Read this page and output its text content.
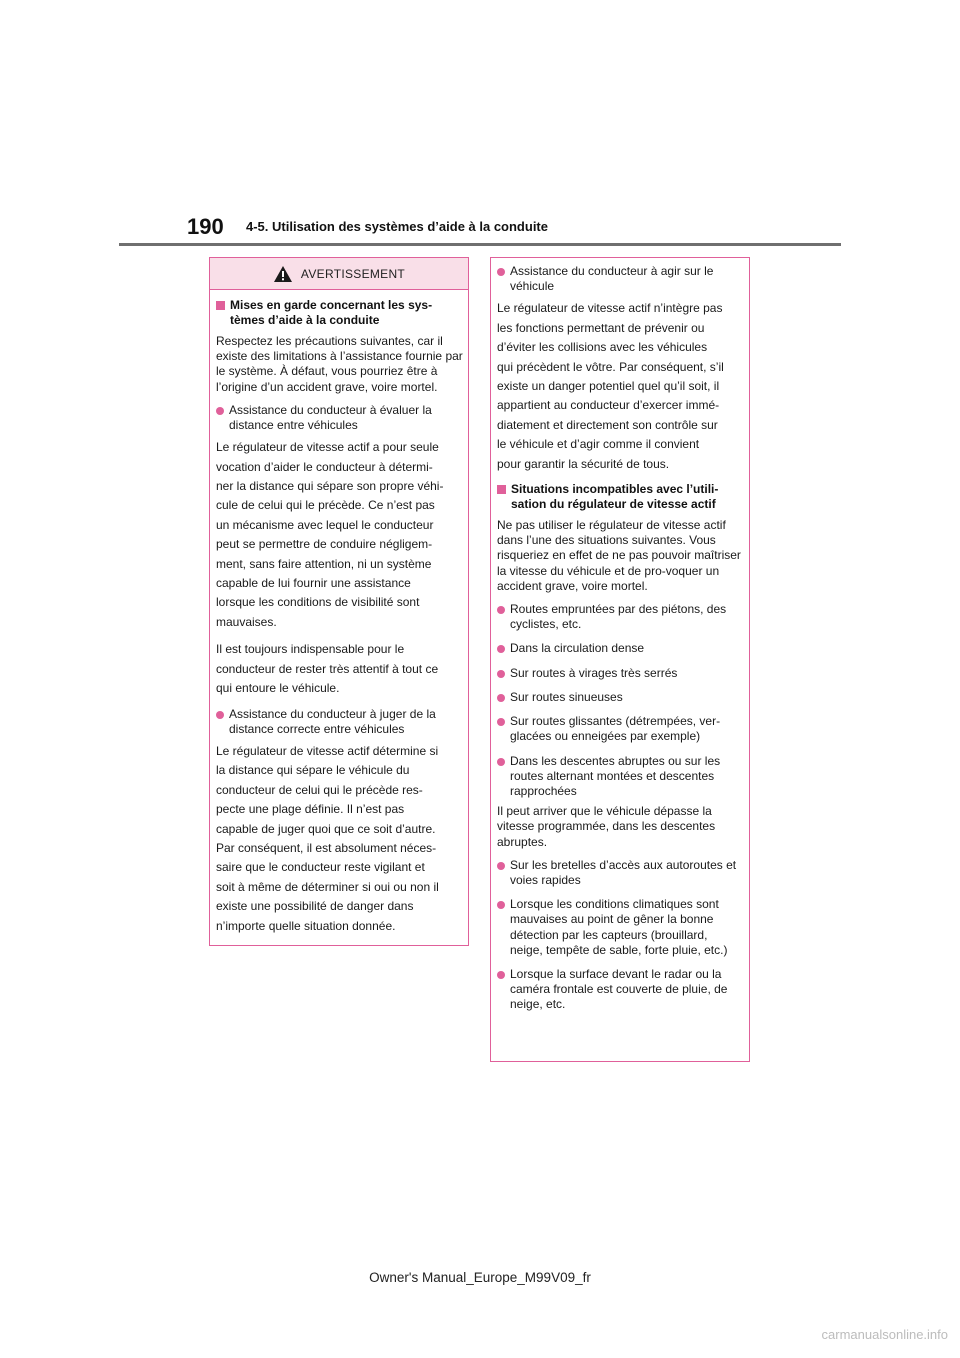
190 4-5. Utilisation des systèmes d’aide à la conduite
AVERTISSEMENT
Mises en garde concernant les sys-tèmes d’aide à la conduite

Respectez les précautions suivantes, car il existe des limitations à l’assistance fournie par le système. À défaut, vous pourriez être à l’origine d’un accident grave, voire mortel.

Assistance du conducteur à évaluer la distance entre véhicules
Le régulateur de vitesse actif a pour seule
vocation d’aider le conducteur à détermi-
ner la distance qui sépare son propre véhi-
cule de celui qui le précède. Ce n’est pas
un mécanisme avec lequel le conducteur
peut se permettre de conduire négligem-
ment, sans faire attention, ni un système
capable de lui fournir une assistance
lorsque les conditions de visibilité sont
mauvaises.
Il est toujours indispensable pour le
conducteur de rester très attentif à tout ce
qui entoure le véhicule.
Assistance du conducteur à juger de la distance correcte entre véhicules
Le régulateur de vitesse actif détermine si
la distance qui sépare le véhicule du
conducteur de celui qui le précède res-
pecte une plage définie. Il n’est pas
capable de juger quoi que ce soit d’autre.
Par conséquent, il est absolument néces-
saire que le conducteur reste vigilant et
soit à même de déterminer si oui ou non il
existe une possibilité de danger dans
n’importe quelle situation donnée.
Assistance du conducteur à agir sur le véhicule
Le régulateur de vitesse actif n’intègre pas
les fonctions permettant de prévenir ou
d’éviter les collisions avec les véhicules
qui précèdent le vôtre. Par conséquent, s’il
existe un danger potentiel quel qu’il soit, il
appartient au conducteur d’exercer immé-
diatement et directement son contrôle sur
le véhicule et d’agir comme il convient
pour garantir la sécurité de tous.
Situations incompatibles avec l’utili-sation du régulateur de vitesse actif

Ne pas utiliser le régulateur de vitesse actif dans l’une des situations suivantes. Vous risqueriez en effet de ne pas pouvoir maîtriser la vitesse du véhicule et de pro-voquer un accident grave, voire mortel.

Routes empruntées par des piétons, des cyclistes, etc.
Dans la circulation dense
Sur routes à virages très serrés
Sur routes sinueuses
Sur routes glissantes (détrempées, ver-glacées ou enneigées par exemple)
Dans les descentes abruptes ou sur les routes alternant montées et descentes rapprochées

Il peut arriver que le véhicule dépasse la vitesse programmée, dans les descentes abruptes.

Sur les bretelles d’accès aux autoroutes et voies rapides
Lorsque les conditions climatiques sont mauvaises au point de gêner la bonne détection par les capteurs (brouillard, neige, tempête de sable, forte pluie, etc.)
Lorsque la surface devant le radar ou la caméra frontale est couverte de pluie, de neige, etc.
Owner's Manual_Europe_M99V09_fr
carmanualsonline.info
